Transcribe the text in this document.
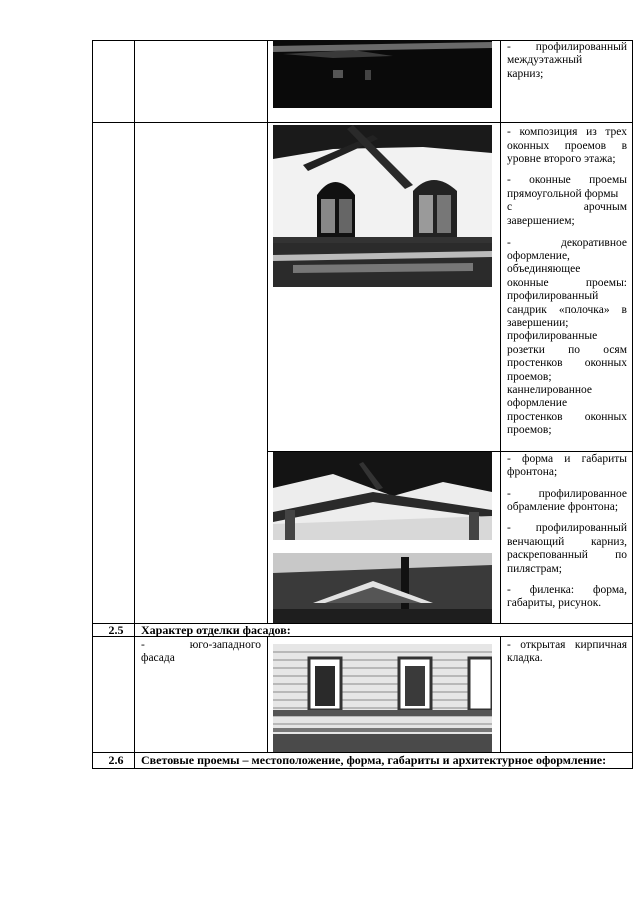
- профилированный
междуэтажный
карниз;
- композиция из трех
оконных проемов в
уровне второго этажа;
- оконные проемы
прямоугольной формы
с арочным
завершением;
- декоративное
оформление,
объединяющее
оконные проемы:
профилированный
сандрик «полочка» в
завершении;
профилированные
розетки по осям
простенков оконных
проемов;
каннелированное
оформление
простенков оконных
проемов;
- форма и габариты
фронтона;
- профилированное
обрамление фронтона;
- профилированный
венчающий карниз,
раскрепованный по
пилястрам;
- филенка: форма,
габариты, рисунок.
2.5	Характер отделки фасадов:
- юго-западного
фасада
- открытая кирпичная
кладка.
2.6	Световые проемы – местоположение, форма, габариты и архитектурное оформление:
